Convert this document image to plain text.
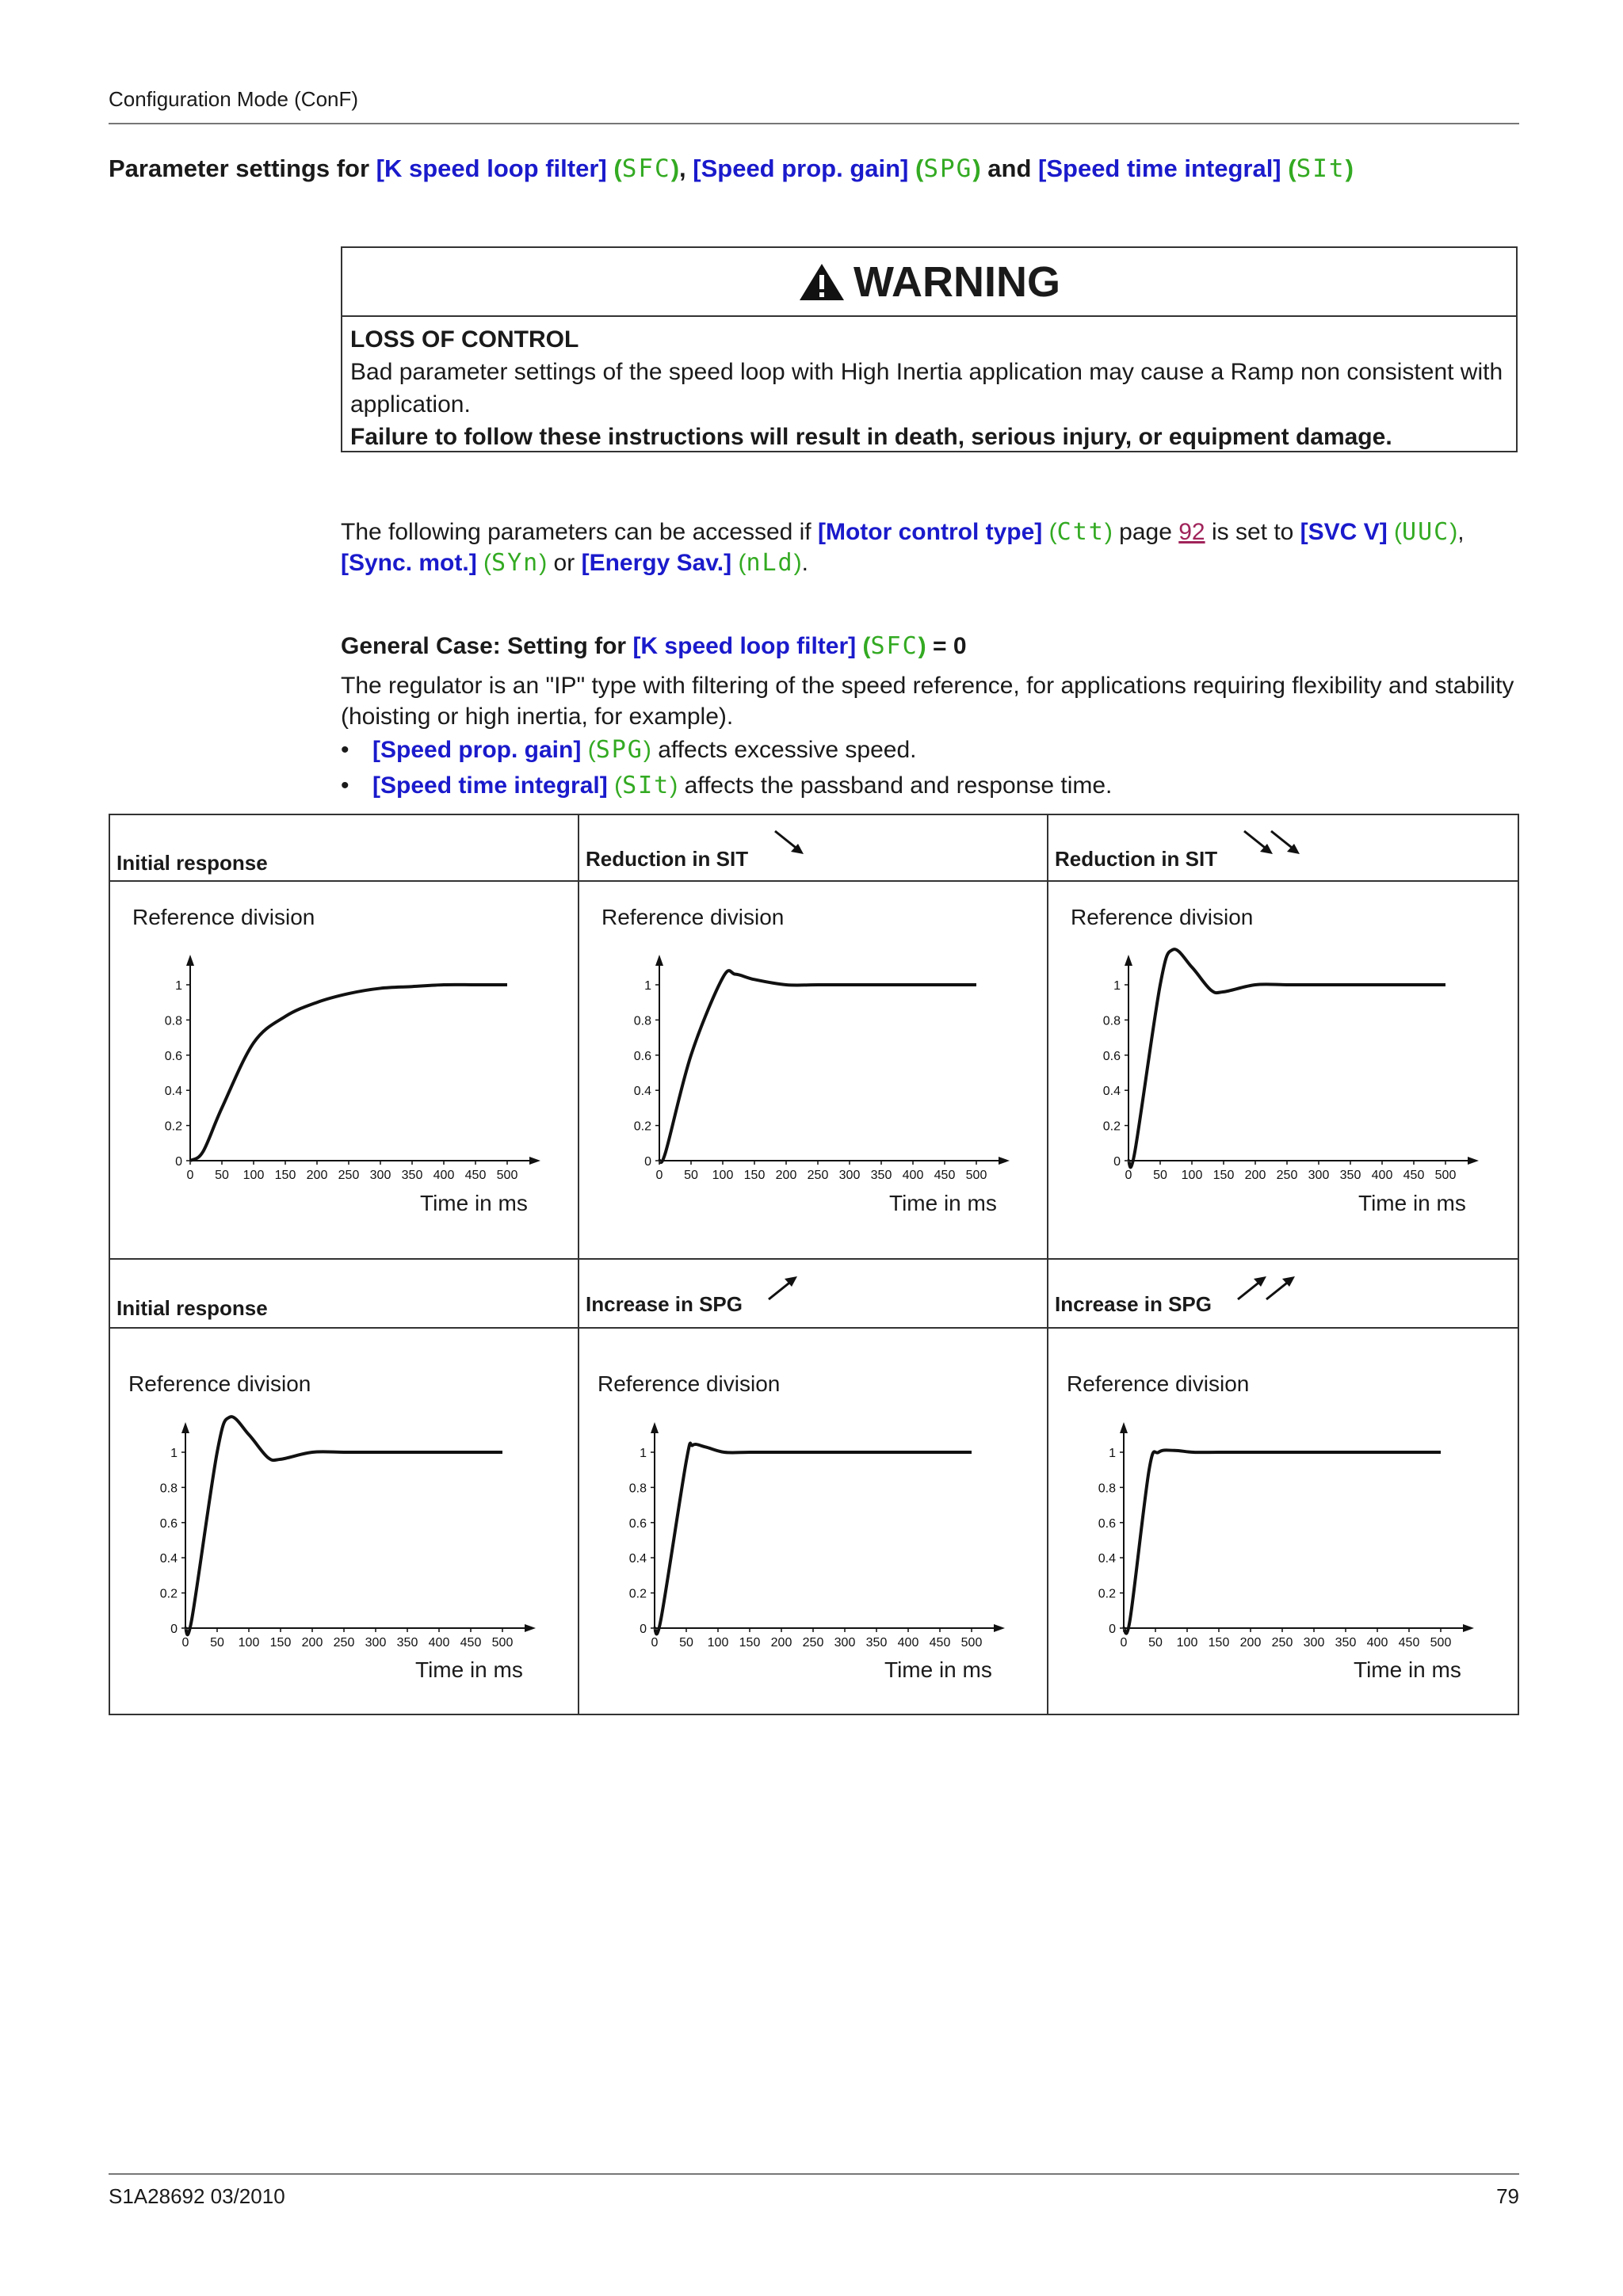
Configuration Mode (ConF)
Parameter settings for [K speed loop filter] (SFC), [Speed prop. gain] (SPG) and [Speed time integral] (SIt)
WARNING
LOSS OF CONTROL
Bad parameter settings of the speed loop with High Inertia application may cause a Ramp non consistent with application.
Failure to follow these instructions will result in death, serious injury, or equipment damage.
The following parameters can be accessed if [Motor control type] (Ctt) page 92 is set to [SVC V] (UUC),
[Sync. mot.] (SYn) or [Energy Sav.] (nLd).
General Case: Setting for [K speed loop filter] (SFC) = 0
The regulator is an "IP" type with filtering of the speed reference, for applications requiring flexibility and stability (hoisting or high inertia, for example).
• [Speed prop. gain] (SPG) affects excessive speed.
• [Speed time integral] (SIt) affects the passband and response time.
Initial response	Reduction in SIT	Reduction in SIT
Initial response	Increase in SPG	Increase in SPG
Reference division	Reference division	Reference division
Reference division	Reference division	Reference division
Time in ms	Time in ms	Time in ms
Time in ms	Time in ms	Time in ms
0
0.2
0.4
0.6
0.8
1
0 50 100 150 200 250 300 350 400 450 500
0
0.2
0.4
0.6
0.8
1
0 50 100 150 200 250 300 350 400 450 500
0
0.2
0.4
0.6
0.8
1
0 50 100 150 200 250 300 350 400 450 500
0
0.2
0.4
0.6
0.8
1
0 50 100 150 200 250 300 350 400 450 500
0
0.2
0.4
0.6
0.8
1
0 50 100 150 200 250 300 350 400 450 500
0
0.2
0.4
0.6
0.8
1
0 50 100 150 200 250 300 350 400 450 500
S1A28692 03/2010	79
